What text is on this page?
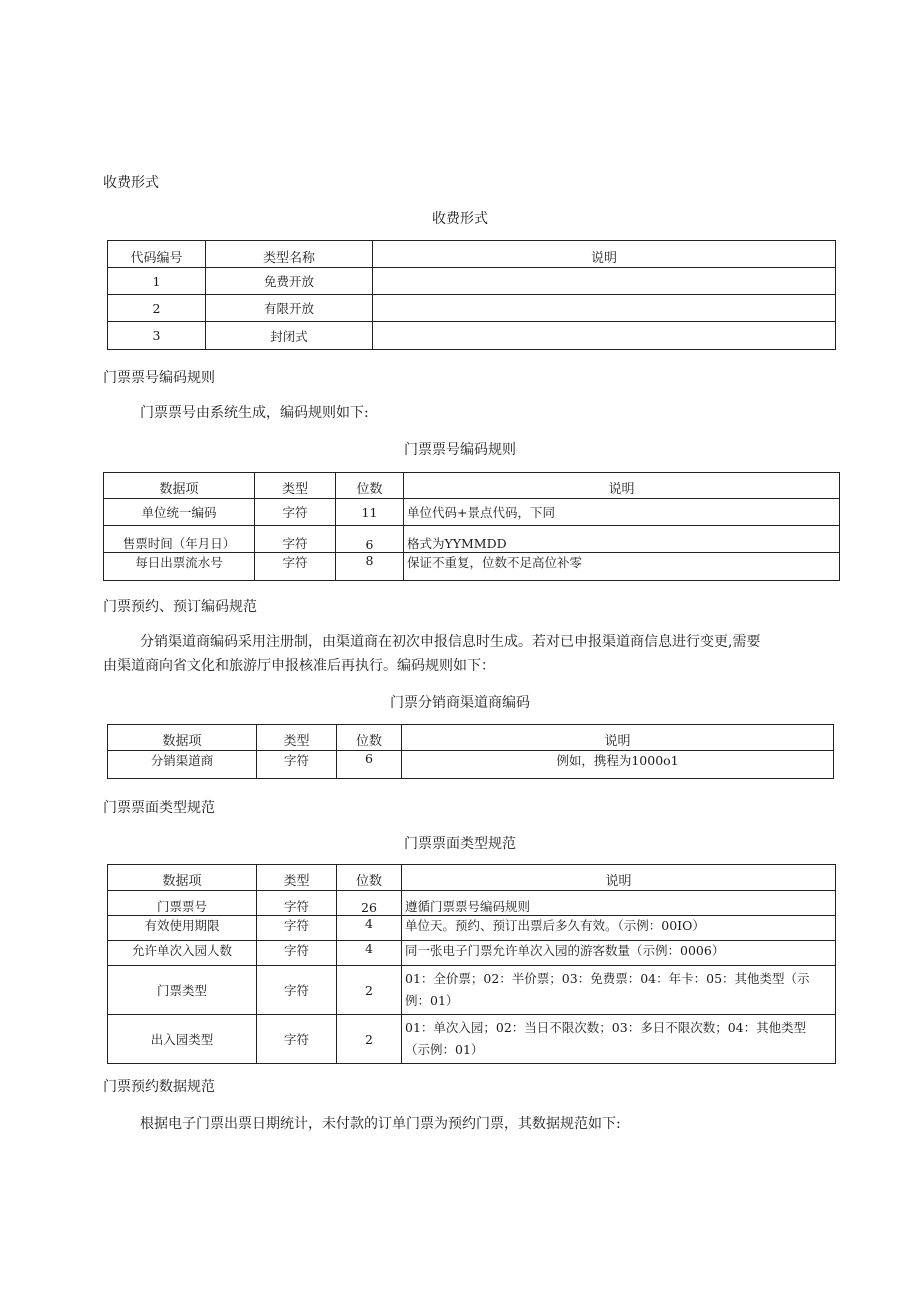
收费形式
收费形式
代码编号	类型名称	说明
1	免费开放	
2	有限开放	
3	封闭式	
门票票号编码规则
门票票号由系统生成，编码规则如下:
门票票号编码规则
数据项	类型	位数	说明
单位统一编码	字符	11	单位代码+景点代码，下同
售票时间（年月日）	字符	6	格式为YYMMDD
每日出票流水号	字符	8	保证不重复，位数不足高位补零
门票预约、预订编码规范
分销渠道商编码采用注册制，由渠道商在初次申报信息时生成。若对已申报渠道商信息进行变更,需要
由渠道商向省文化和旅游厅申报核准后再执行。编码规则如下：
门票分销商渠道商编码
数据项	类型	位数	说明
分销渠道商	字符	6	例如，携程为1000o1
门票票面类型规范
门票票面类型规范
数据项	类型	位数	说明
门票票号	字符	26	遵循门票票号编码规则
有效使用期限	字符	4	单位天。预约、预订出票后多久有效。（示例：00IO）
允许单次入园人数	字符	4	同一张电子门票允许单次入园的游客数量（示例：0006）
门票类型	字符	2	01：全价票；02：半价票；03：免费票：04：年卡：05：其他类型（示
例：01）

出入园类型	字符	2	01：单次入园；02：当日不限次数；03：多日不限次数；04：其他类型
（示例：01）
门票预约数据规范
根据电子门票出票日期统计，未付款的订单门票为预约门票，其数据规范如下:
